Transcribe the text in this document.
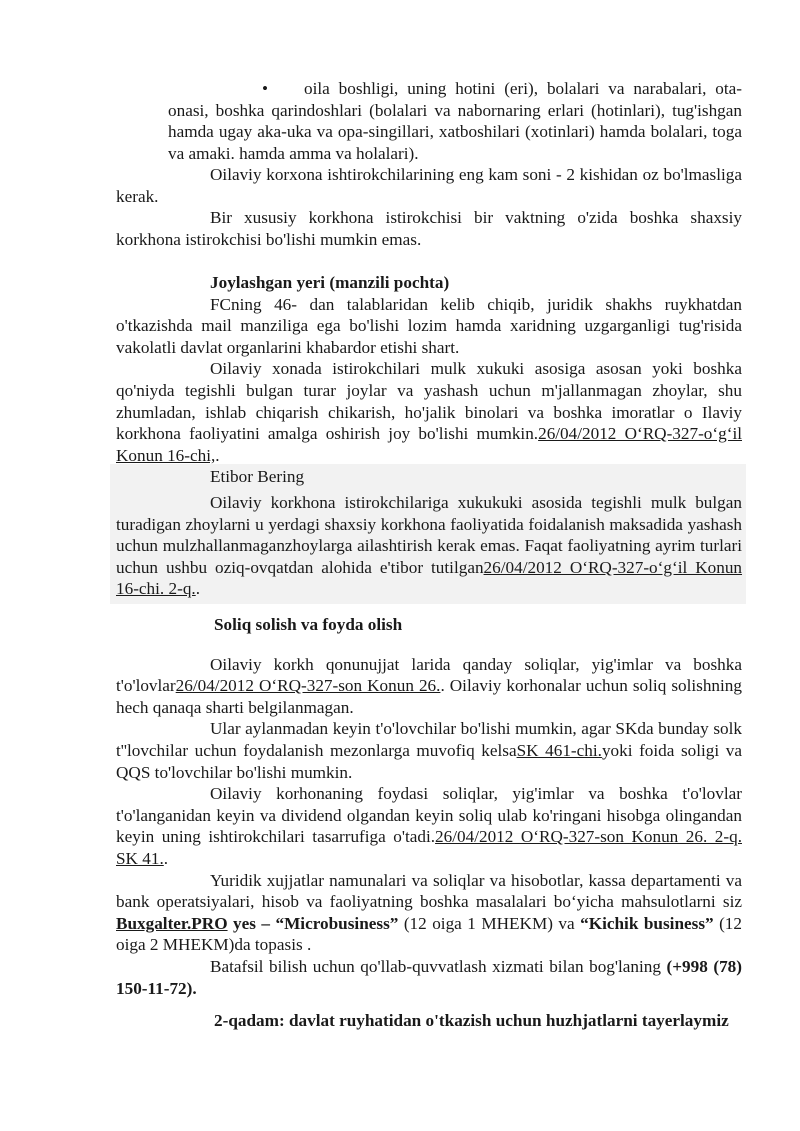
•	oila boshligi, uning hotini (eri), bolalari va narabalari, ota-onasi, boshka qarindoshlari (bolalari va nabornaring erlari (hotinlari), tug'ishgan hamda ugay aka-uka va opa-singillari, xatboshilari (xotinlari) hamda bolalari, toga va amaki. hamda amma va holalari).

Oilaviy korxona ishtirokchilarining eng kam soni - 2 kishidan oz bo'lmasliga kerak.

Bir xususiy korkhona istirokchisi bir vaktning o'zida boshka shaxsiy korkhona istirokchisi bo'lishi mumkin emas.

Joylashgan yeri (manzili pochta)

FCning 46- dan talablaridan kelib chiqib, juridik shakhs ruykhatdan o'tkazishda mail manziliga ega bo'lishi lozim hamda xaridning uzgarganligi tug'risida vakolatli davlat organlarini khabardor etishi shart.

Oilaviy xonada istirokchilari mulk xukuki asosiga asosan yoki boshka qo'niyda tegishli bulgan turar joylar va yashash uchun m'jallanmagan zhoylar, shu zhumladan, ishlab chiqarish chikarish, ho'jalik binolari va boshka imoratlar o Ilaviy korkhona faoliyatini amalga oshirish joy bo'lishi mumkin.26/04/2012 O‘RQ-327-o‘g‘il Konun 16-chi,.

Etibor Bering

Oilaviy korkhona istirokchilariga xukukuki asosida tegishli mulk bulgan turadigan zhoylarni u yerdagi shaxsiy korkhona faoliyatida foidalanish maksadida yashash uchun mulzhallanmaganzhoylarga ailashtirish kerak emas. Faqat faoliyatning ayrim turlari uchun ushbu oziq-ovqatdan alohida e'tibor tutilgan26/04/2012 O‘RQ-327-o‘g‘il Konun 16-chi. 2-q..

Soliq solish va foyda olish

Oilaviy korkh qonunujjat larida qanday soliqlar, yig'imlar va boshka t'o'lovlar26/04/2012 O‘RQ-327-son Konun 26.. Oilaviy korhonalar uchun soliq solishning hech qanaqa sharti belgilanmagan.

Ular aylanmadan keyin t'o'lovchilar bo'lishi mumkin, agar SKda bunday solk t''lovchilar uchun foydalanish mezonlarga muvofiq kelsaSK 461-chi.yoki foida soligi va QQS to'lovchilar bo'lishi mumkin.

Oilaviy korhonaning foydasi soliqlar, yig'imlar va boshka t'o'lovlar t'o'langanidan keyin va dividend olgandan keyin soliq ulab ko'ringani hisobga olingandan keyin uning ishtirokchilari tasarrufiga o'tadi.26/04/2012 O‘RQ-327-son Konun 26. 2-q. SK 41..

Yuridik xujjatlar namunalari va soliqlar va hisobotlar, kassa departamenti va bank operatsiyalari, hisob va faoliyatning boshka masalalari bo‘yicha mahsulotlarni siz Buxgalter.PRO yes – “Microbusiness” (12 oiga 1 MHEKM) va “Kichik business” (12 oiga 2 MHEKM)da topasis .

Batafsil bilish uchun qo'llab-quvvatlash xizmati bilan bog'laning (+998 (78) 150-11-72).

2-qadam: davlat ruyhatidan o'tkazish uchun huzhjatlarni tayerlaymiz
